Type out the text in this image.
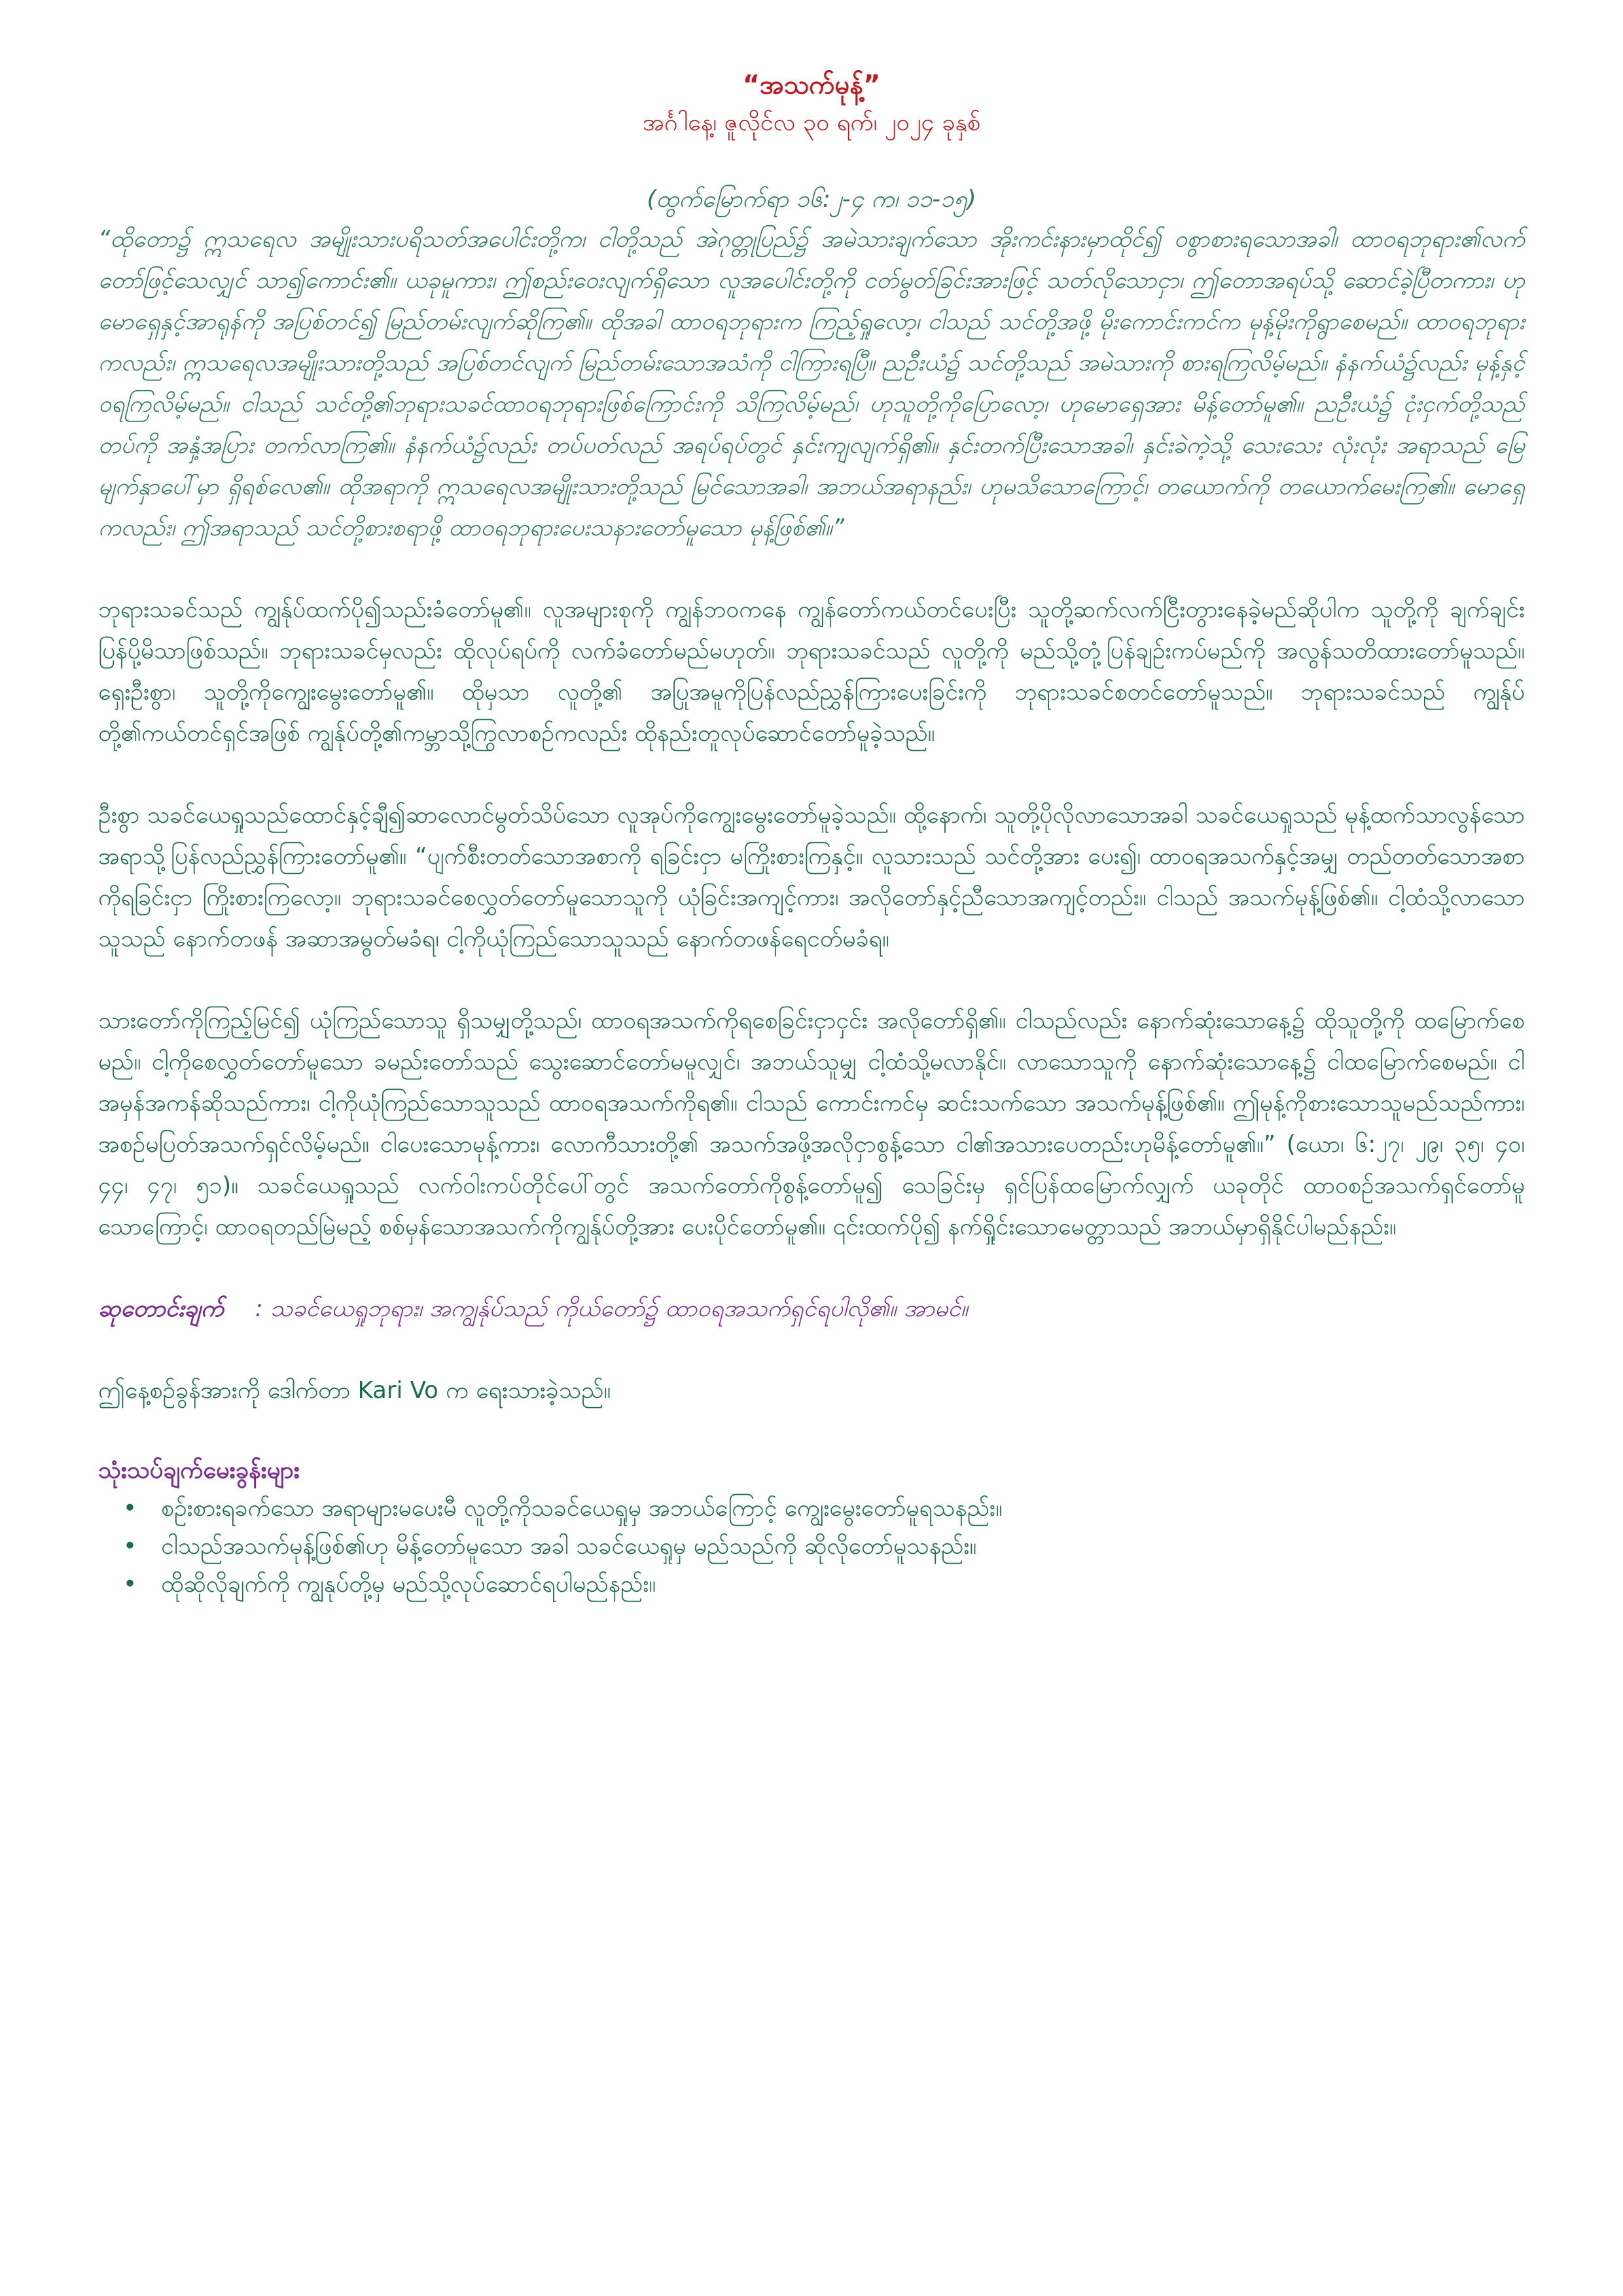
“အသက်မုန့်”

အင်္ဂါနေ့၊ ဇူလိုင်လ ၃၀ ရက်၊ ၂၀၂၄ ခုနှစ်

(ထွက်မြောက်ရာ ၁၆:၂-၄ က၊ ၁၁-၁၅)

“ထိုတော၌ ဣသရေလ အမျိုးသားပရိသတ်အပေါင်းတို့က၊ ငါတို့သည် အဲဂုတ္တုပြည်၌ အမဲသားချက်သော အိုးကင်းနားမှာထိုင်၍ ဝစွာစားရသောအခါ၊ ထာဝရဘုရား၏လက်တော်ဖြင့်သေလျှင် သာ၍ကောင်း၏။ ယခုမူကား၊ ဤစည်းဝေးလျက်ရှိသော လူအပေါင်းတို့ကို ငတ်မွတ်ခြင်းအားဖြင့် သတ်လိုသောငှာ၊ ဤတောအရပ်သို့ ဆောင်ခဲ့ပြီတကား၊ ဟုမောရှေနှင့်အာရုန်ကို အပြစ်တင်၍ မြည်တမ်းလျက်ဆိုကြ၏။ ထိုအခါ ထာဝရဘုရားက ကြည့်ရှုလော့၊ ငါသည် သင်တို့အဖို့ မိုးကောင်းကင်က မုန့်မိုးကိုရွာစေမည်။ ထာဝရဘုရားကလည်း၊ ဣသရေလအမျိုးသားတို့သည် အပြစ်တင်လျက် မြည်တမ်းသောအသံကို ငါကြားရပြီ။ ညဦးယံ၌ သင်တို့သည် အမဲသားကို စားရကြလိမ့်မည်။ နံနက်ယံ၌လည်း မုန့်နှင့် ဝရကြလိမ့်မည်။ ငါသည် သင်တို့၏ဘုရားသခင်ထာဝရဘုရားဖြစ်ကြောင်းကို သိကြလိမ့်မည်၊ ဟုသူတို့ကိုပြောလော့၊ ဟုမောရှေအား မိန့်တော်မူ၏။ ညဦးယံ၌ ငုံးငှက်တို့သည် တပ်ကို အနှံ့အပြား တက်လာကြ၏။ နံနက်ယံ၌လည်း တပ်ပတ်လည် အရပ်ရပ်တွင် နှင်းကျလျက်ရှိ၏။ နှင်းတက်ပြီးသောအခါ၊ နှင်းခဲကဲ့သို့ သေးသေး လုံးလုံး အရာသည် မြေမျက်နှာပေါ်မှာ ရှိရစ်လေ၏။ ထိုအရာကို ဣသရေလအမျိုးသားတို့သည် မြင်သောအခါ၊ အဘယ်အရာနည်း၊ ဟုမသိသောကြောင့်၊ တယောက်ကို တယောက်မေးကြ၏။ မောရှေကလည်း၊ ဤအရာသည် သင်တို့စားစရာဖို့ ထာဝရဘုရားပေးသနားတော်မူသော မုန့်ဖြစ်၏။”

ဘုရားသခင်သည် ကျွန်ုပ်ထက်ပို၍သည်းခံတော်မူ၏။ လူအများစုကို ကျွန်ဘဝကနေ ကျွန်တော်ကယ်တင်ပေးပြီး သူတို့ဆက်လက်ငြီးတွားနေခဲ့မည်ဆိုပါက သူတို့ကို ချက်ချင်းပြန်ပို့မိသာဖြစ်သည်။ ဘုရားသခင်မှလည်း ထိုလုပ်ရပ်ကို လက်ခံတော်မည်မဟုတ်။ ဘုရားသခင်သည် လူတို့ကို မည်သို့တုံ့ပြန်ချဉ်းကပ်မည်ကို အလွန်သတိထားတော်မူသည်။ ရှေးဦးစွာ၊ သူတို့ကိုကျွေးမွေးတော်မူ၏။ ထိုမှသာ လူတို့၏ အပြုအမူကိုပြန်လည်ညွှန်ကြားပေးခြင်းကို ဘုရားသခင်စတင်တော်မူသည်။ ဘုရားသခင်သည် ကျွန်ုပ်တို့၏ကယ်တင်ရှင်အဖြစ် ကျွန်ုပ်တို့၏ကမ္ဘာသို့ကြွလာစဉ်ကလည်း ထိုနည်းတူလုပ်ဆောင်တော်မူခဲ့သည်။

ဦးစွာ သခင်ယေရှုသည်ထောင်နှင့်ချီ၍ဆာလောင်မွတ်သိပ်သော လူအုပ်ကိုကျွေးမွေးတော်မူခဲ့သည်။ ထို့နောက်၊ သူတို့ပိုလိုလာသောအခါ သခင်ယေရှုသည် မုန့်ထက်သာလွန်သောအရာသို့ပြန်လည်ညွှန်ကြားတော်မူ၏။ “ပျက်စီးတတ်သောအစာကို ရခြင်းငှာ မကြိုးစားကြနှင့်။ လူသားသည် သင်တို့အား ပေး၍၊ ထာဝရအသက်နှင့်အမျှ တည်တတ်သောအစာကိုရခြင်းငှာ ကြိုးစားကြလော့။ ဘုရားသခင်စေလွှတ်တော်မူသောသူကို ယုံခြင်းအကျင့်ကား၊ အလိုတော်နှင့်ညီသောအကျင့်တည်း။ ငါသည် အသက်မုန့်ဖြစ်၏။ ငါ့ထံသို့လာသောသူသည် နောက်တဖန် အဆာအမွတ်မခံရ၊ ငါ့ကိုယုံကြည်သောသူသည် နောက်တဖန်ရေငတ်မခံရ။

သားတော်ကိုကြည့်မြင်၍ ယုံကြည်သောသူ ရှိသမျှတို့သည်၊ ထာဝရအသက်ကိုရစေခြင်းငှာငှင်း အလိုတော်ရှိ၏။ ငါသည်လည်း နောက်ဆုံးသောနေ့၌ ထိုသူတို့ကို ထမြောက်စေမည်။ ငါ့ကိုစေလွှတ်တော်မူသော ခမည်းတော်သည် သွေးဆောင်တော်မမူလျှင်၊ အဘယ်သူမျှ ငါ့ထံသို့မလာနိုင်။ လာသောသူကို နောက်ဆုံးသောနေ့၌ ငါထမြောက်စေမည်။ ငါအမှန်အကန်ဆိုသည်ကား၊ ငါ့ကိုယုံကြည်သောသူသည် ထာဝရအသက်ကိုရ၏။ ငါသည် ကောင်းကင်မှ ဆင်းသက်သော အသက်မုန့်ဖြစ်၏။ ဤမုန့်ကိုစားသောသူမည်သည်ကား၊ အစဉ်မပြတ်အသက်ရှင်လိမ့်မည်။ ငါပေးသောမုန့်ကား၊ လောကီသားတို့၏ အသက်အဖို့အလိုငှာစွန့်သော ငါ၏အသားပေတည်းဟုမိန့်တော်မူ၏။” (ယော၊ ၆:၂၇၊ ၂၉၊ ၃၅၊ ၄၀၊ ၄၄၊ ၄၇၊ ၅၁)။ သခင်ယေရှုသည် လက်ဝါးကပ်တိုင်ပေါ်တွင် အသက်တော်ကိုစွန့်တော်မူ၍ သေခြင်းမှ ရှင်ပြန်ထမြောက်လျှက် ယခုတိုင် ထာဝစဉ်အသက်ရှင်တော်မူသောကြောင့်၊ ထာဝရတည်မြဲမည့် စစ်မှန်သောအသက်ကိုကျွန်ုပ်တို့အား ပေးပိုင်တော်မူ၏။ ၎င်းထက်ပို၍ နက်ရှိုင်းသောမေတ္တာသည် အဘယ်မှာရှိနိုင်ပါမည်နည်း။

ဆုတောင်းချက် : သခင်ယေရှုဘုရား၊ အကျွန်ုပ်သည် ကိုယ်တော်၌ ထာဝရအသက်ရှင်ရပါလို၏။ အာမင်။

ဤနေ့စဉ်ခွန်အားကို ဒေါက်တာ Kari Vo က ရေးသားခဲ့သည်။

သုံးသပ်ချက်မေးခွန်းများ
• စဉ်းစားရခက်သော အရာများမပေးမီ လူတို့ကိုသခင်ယေရှုမှ အဘယ်ကြောင့် ကျွေးမွေးတော်မူရသနည်း။
• ငါသည်အသက်မုန့်ဖြစ်၏ဟု မိန့်တော်မူသော အခါ သခင်ယေရှုမှ မည်သည်ကို ဆိုလိုတော်မူသနည်း။
• ထိုဆိုလိုချက်ကို ကျွနုပ်တို့မှ မည်သို့လုပ်ဆောင်ရပါမည်နည်း။
